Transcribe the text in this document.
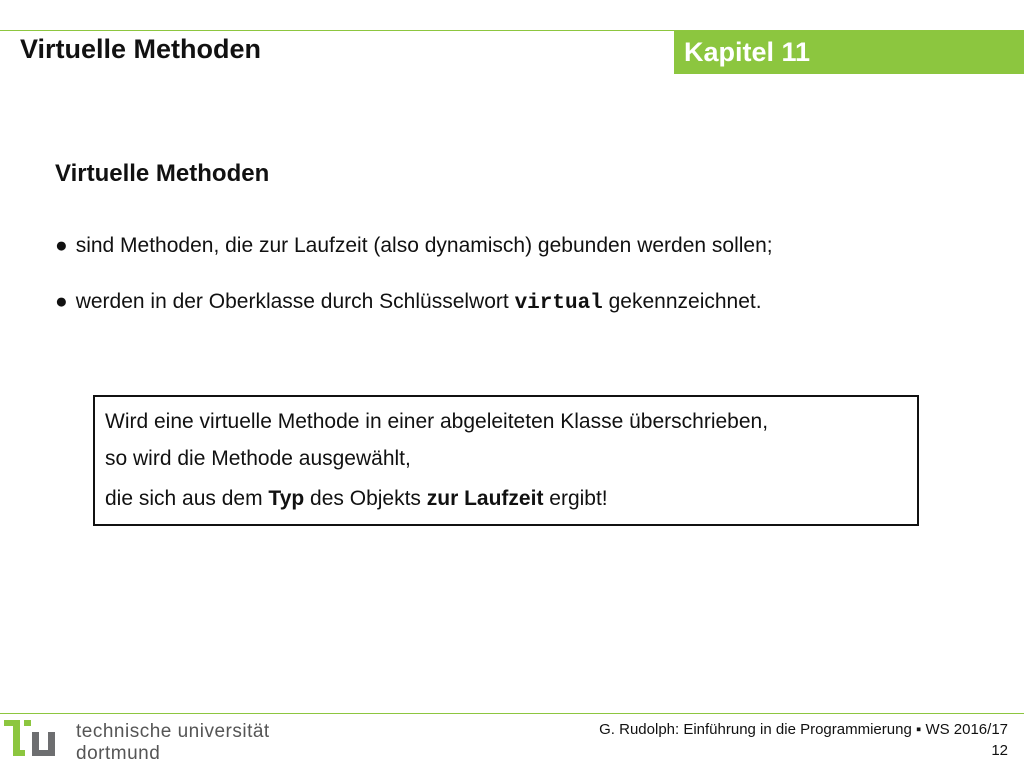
Virtuelle Methoden	Kapitel 11
Virtuelle Methoden
● sind Methoden, die zur Laufzeit (also dynamisch) gebunden werden sollen;
● werden in der Oberklasse durch Schlüsselwort virtual gekennzeichnet.
Wird eine virtuelle Methode in einer abgeleiteten Klasse überschrieben,
so wird die Methode ausgewählt,
die sich aus dem Typ des Objekts zur Laufzeit ergibt!
technische universität
dortmund
G. Rudolph: Einführung in die Programmierung ▪ WS 2016/17
12
